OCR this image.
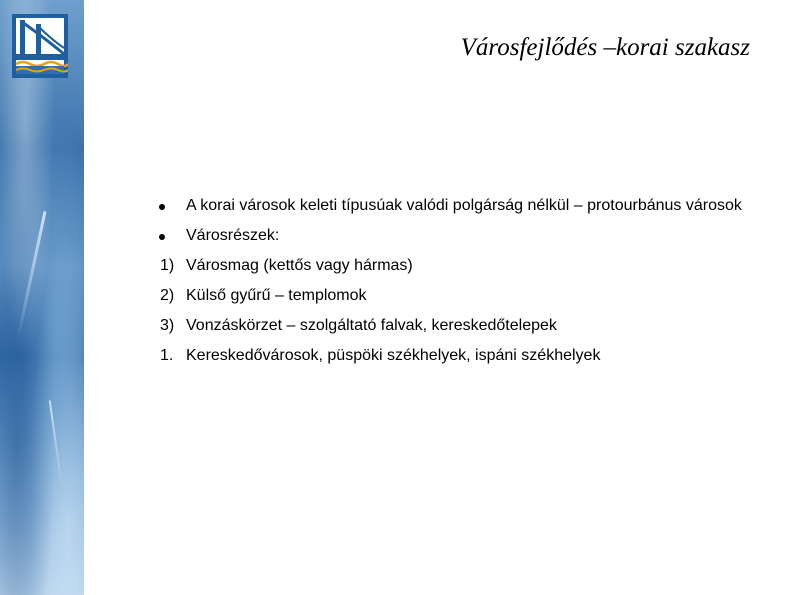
Városfejlődés –korai szakasz
A korai városok keleti típusúak valódi polgárság nélkül – protourbánus városok
Városrészek:
1) Városmag (kettős vagy hármas)
2) Külső gyűrű – templomok
3) Vonzáskörzet – szolgáltató falvak, kereskedőtelepek
1. Kereskedővárosok, püspöki székhelyek, ispáni székhelyek
